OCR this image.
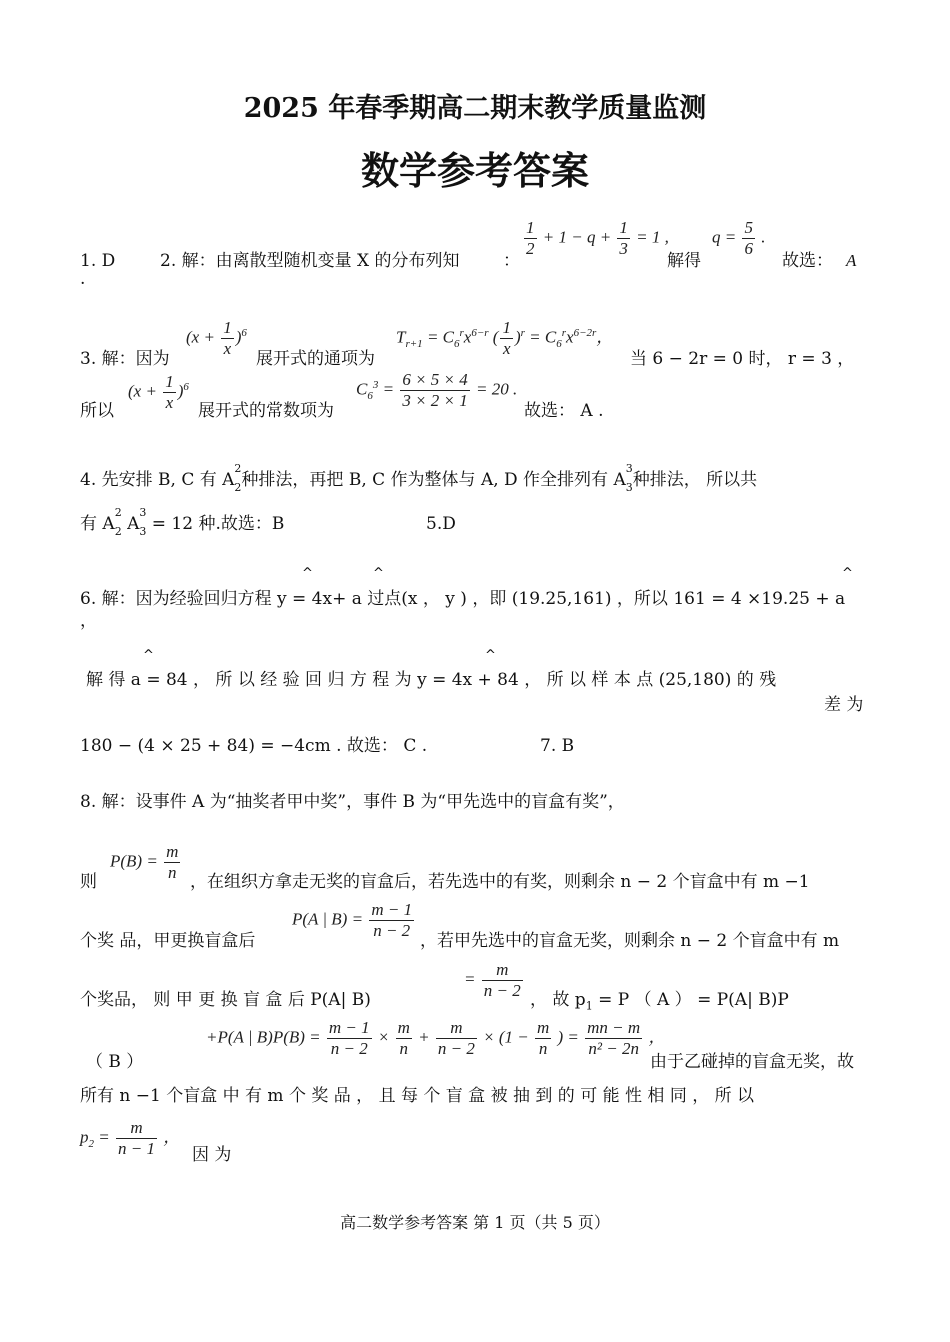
2025 年春季期高二期末教学质量监测
数学参考答案
1. D
.
2. 解：由离散型随机变量 X 的分布列知	：
$\frac{1}{2} + 1 - q + \frac{1}{3} = 1$ ,
解得
$q = \frac{5}{6}$ .
故选： A
3. 解：因为
$(x + \frac{1}{x} )^6$
展开式的通项为
$T_{r+1} = C_6^rx^{6-r}$ ( $\frac{1}{x} )^r = C_6^rx^{6-2r}$，
当 6 − 2r = 0 时， r = 3 ，
所以
$(x + \frac{1}{x} )^6$
展开式的常数项为
$C_6^3 = \frac{6 \times 5 \times 4}{3 \times 2 \times 1} = 20$ .
故选： A .
4. 先安排 B, C 有 A
2
$_2$种排法，再把 B, C 作为整体与 A, D 作全排列有 A
3
$_3$种排法， 所以共
有 A
2
$_2$ A
3
$_3$ = 12 种.故选：B	5.D
^	^	^
6. 解：因为经验回归方程 y = 4x+ a 过点(x ， y ) ，即 (19.25,161) ，所以 161 = 4 ×19.25 + a
，
^	^
解 得 a = 84 ， 所 以 经 验 回 归 方 程 为 y = 4x + 84 ， 所 以 样 本 点 (25,180) 的 残
差 为
180 − (4 × 25 + 84) = −4cm . 故选： C .	7. B
8. 解：设事件 A 为“抽奖者甲中奖”，事件 B 为“甲先选中的盲盒有奖”，
$P(B) = \frac{m}{n}$
则	，在组织方拿走无奖的盲盒后，若先选中的有奖，则剩余 n − 2 个盲盒中有 m −1
个奖 品，甲更换盲盒后
P(A | $B) = \frac{m - 1}{n - 2}$ ，若甲先选中的盲盒无奖，则剩余 n − 2 个盲盒中有 m
个奖品， 则 甲 更 换 盲 盒 后 P(A| B)
= $\frac{m}{n - 2}$ ， 故 $p_1 = P$ （ A ） = P(A| B)P
（ B ）
+P(A | $B)P(B) = \frac{m - 1}{n - 2} \times \frac{m}{n} + \frac{m}{n - 2} \times (1 - \frac{m}{n}$ ) = $\frac{mn - m}{\text{n² − 2n}}$ ，
由于乙碰掉的盲盒无奖，故
所有 n −1 个盲盒 中 有 m 个 奖 品 ， 且 每 个 盲 盒 被 抽 到 的 可 能 性 相 同 ， 所 以
$p_2 = \frac{m}{n - 1}$ ，
因 为
高二数学参考答案 第 1 页（共 5 页）
